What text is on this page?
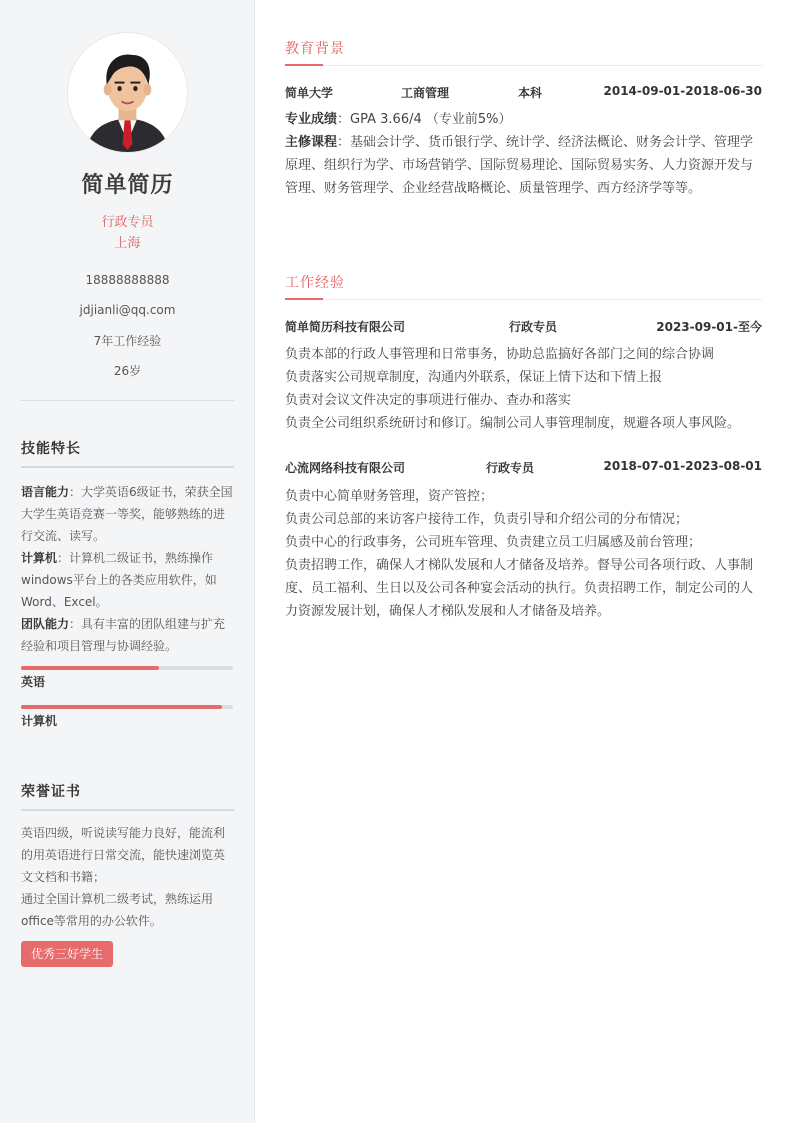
简单简历
行政专员
上海
18888888888
jdjianli@qq.com
7年工作经验
26岁
技能特长
语言能力：大学英语6级证书，荣获全国大学生英语竞赛一等奖，能够熟练的进行交流、读写。
计算机：计算机二级证书，熟练操作windows平台上的各类应用软件，如Word、Excel。
团队能力：具有丰富的团队组建与扩充经验和项目管理与协调经验。
英语
计算机
荣誉证书
英语四级，听说读写能力良好，能流利的用英语进行日常交流，能快速浏览英文文档和书籍；
通过全国计算机二级考试，熟练运用office等常用的办公软件。
优秀三好学生
教育背景
简单大学	工商管理	本科	2014-09-01-2018-06-30

专业成绩：GPA 3.66/4 （专业前5%）

主修课程：基础会计学、货币银行学、统计学、经济法概论、财务会计学、管理学原理、组织行为学、市场营销学、国际贸易理论、国际贸易实务、人力资源开发与管理、财务管理学、企业经营战略概论、质量管理学、西方经济学等等。

工作经验
简单简历科技有限公司	行政专员	2023-09-01-至今

负责本部的行政人事管理和日常事务，协助总监搞好各部门之间的综合协调

负责落实公司规章制度，沟通内外联系，保证上情下达和下情上报

负责对会议文件决定的事项进行催办、查办和落实

负责全公司组织系统研讨和修订。编制公司人事管理制度，规避各项人事风险。

心流网络科技有限公司	行政专员	2018-07-01-2023-08-01

负责中心简单财务管理，资产管控；

负责公司总部的来访客户接待工作，负责引导和介绍公司的分布情况；

负责中心的行政事务，公司班车管理、负责建立员工归属感及前台管理；

负责招聘工作，确保人才梯队发展和人才储备及培养。督导公司各项行政、人事制度、员工福利、生日以及公司各种宴会活动的执行。负责招聘工作，制定公司的人力资源发展计划，确保人才梯队发展和人才储备及培养。
